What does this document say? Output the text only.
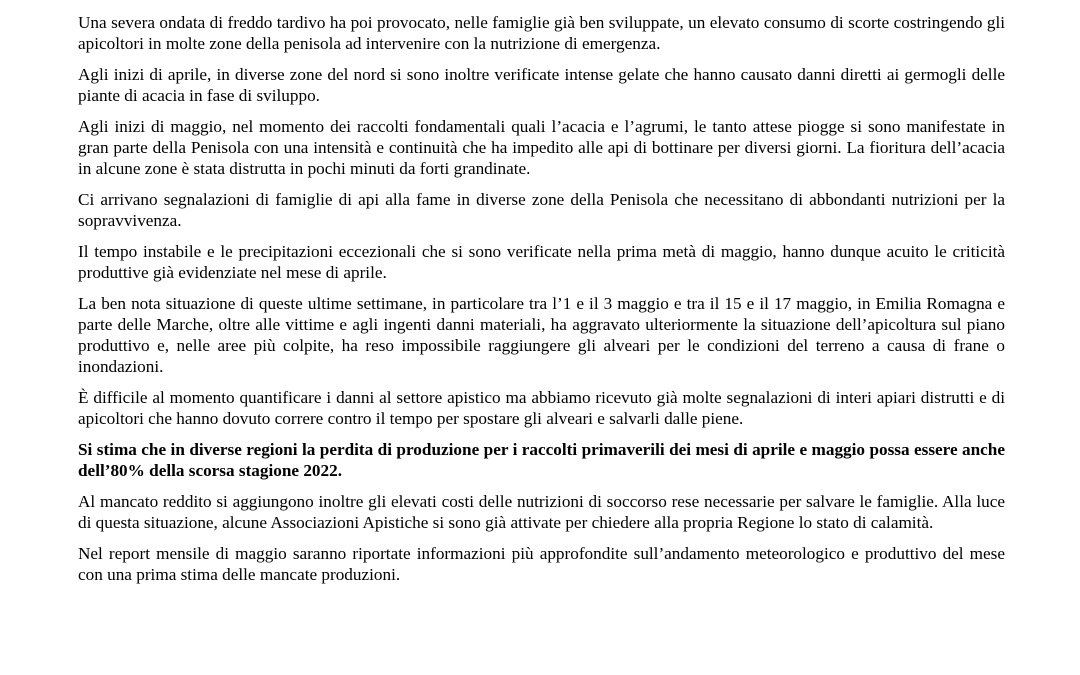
Una severa ondata di freddo tardivo ha poi provocato, nelle famiglie già ben sviluppate, un elevato consumo di scorte costringendo gli apicoltori in molte zone della penisola ad intervenire con la nutrizione di emergenza.

Agli inizi di aprile, in diverse zone del nord si sono inoltre verificate intense gelate che hanno causato danni diretti ai germogli delle piante di acacia in fase di sviluppo.

Agli inizi di maggio, nel momento dei raccolti fondamentali quali l’acacia e l’agrumi, le tanto attese piogge si sono manifestate in gran parte della Penisola con una intensità e continuità che ha impedito alle api di bottinare per diversi giorni. La fioritura dell’acacia in alcune zone è stata distrutta in pochi minuti da forti grandinate.

Ci arrivano segnalazioni di famiglie di api alla fame in diverse zone della Penisola che necessitano di abbondanti nutrizioni per la sopravvivenza.

Il tempo instabile e le precipitazioni eccezionali che si sono verificate nella prima metà di maggio, hanno dunque acuito le criticità produttive già evidenziate nel mese di aprile.

La ben nota situazione di queste ultime settimane, in particolare tra l’1 e il 3 maggio e tra il 15 e il 17 maggio, in Emilia Romagna e parte delle Marche, oltre alle vittime e agli ingenti danni materiali, ha aggravato ulteriormente la situazione dell’apicoltura sul piano produttivo e, nelle aree più colpite, ha reso impossibile raggiungere gli alveari per le condizioni del terreno a causa di frane o inondazioni.

È difficile al momento quantificare i danni al settore apistico ma abbiamo ricevuto già molte segnalazioni di interi apiari distrutti e di apicoltori che hanno dovuto correre contro il tempo per spostare gli alveari e salvarli dalle piene.

Si stima che in diverse regioni la perdita di produzione per i raccolti primaverili dei mesi di aprile e maggio possa essere anche dell’80% della scorsa stagione 2022.

Al mancato reddito si aggiungono inoltre gli elevati costi delle nutrizioni di soccorso rese necessarie per salvare le famiglie. Alla luce di questa situazione, alcune Associazioni Apistiche si sono già attivate per chiedere alla propria Regione lo stato di calamità.

Nel report mensile di maggio saranno riportate informazioni più approfondite sull’andamento meteorologico e produttivo del mese con una prima stima delle mancate produzioni.
